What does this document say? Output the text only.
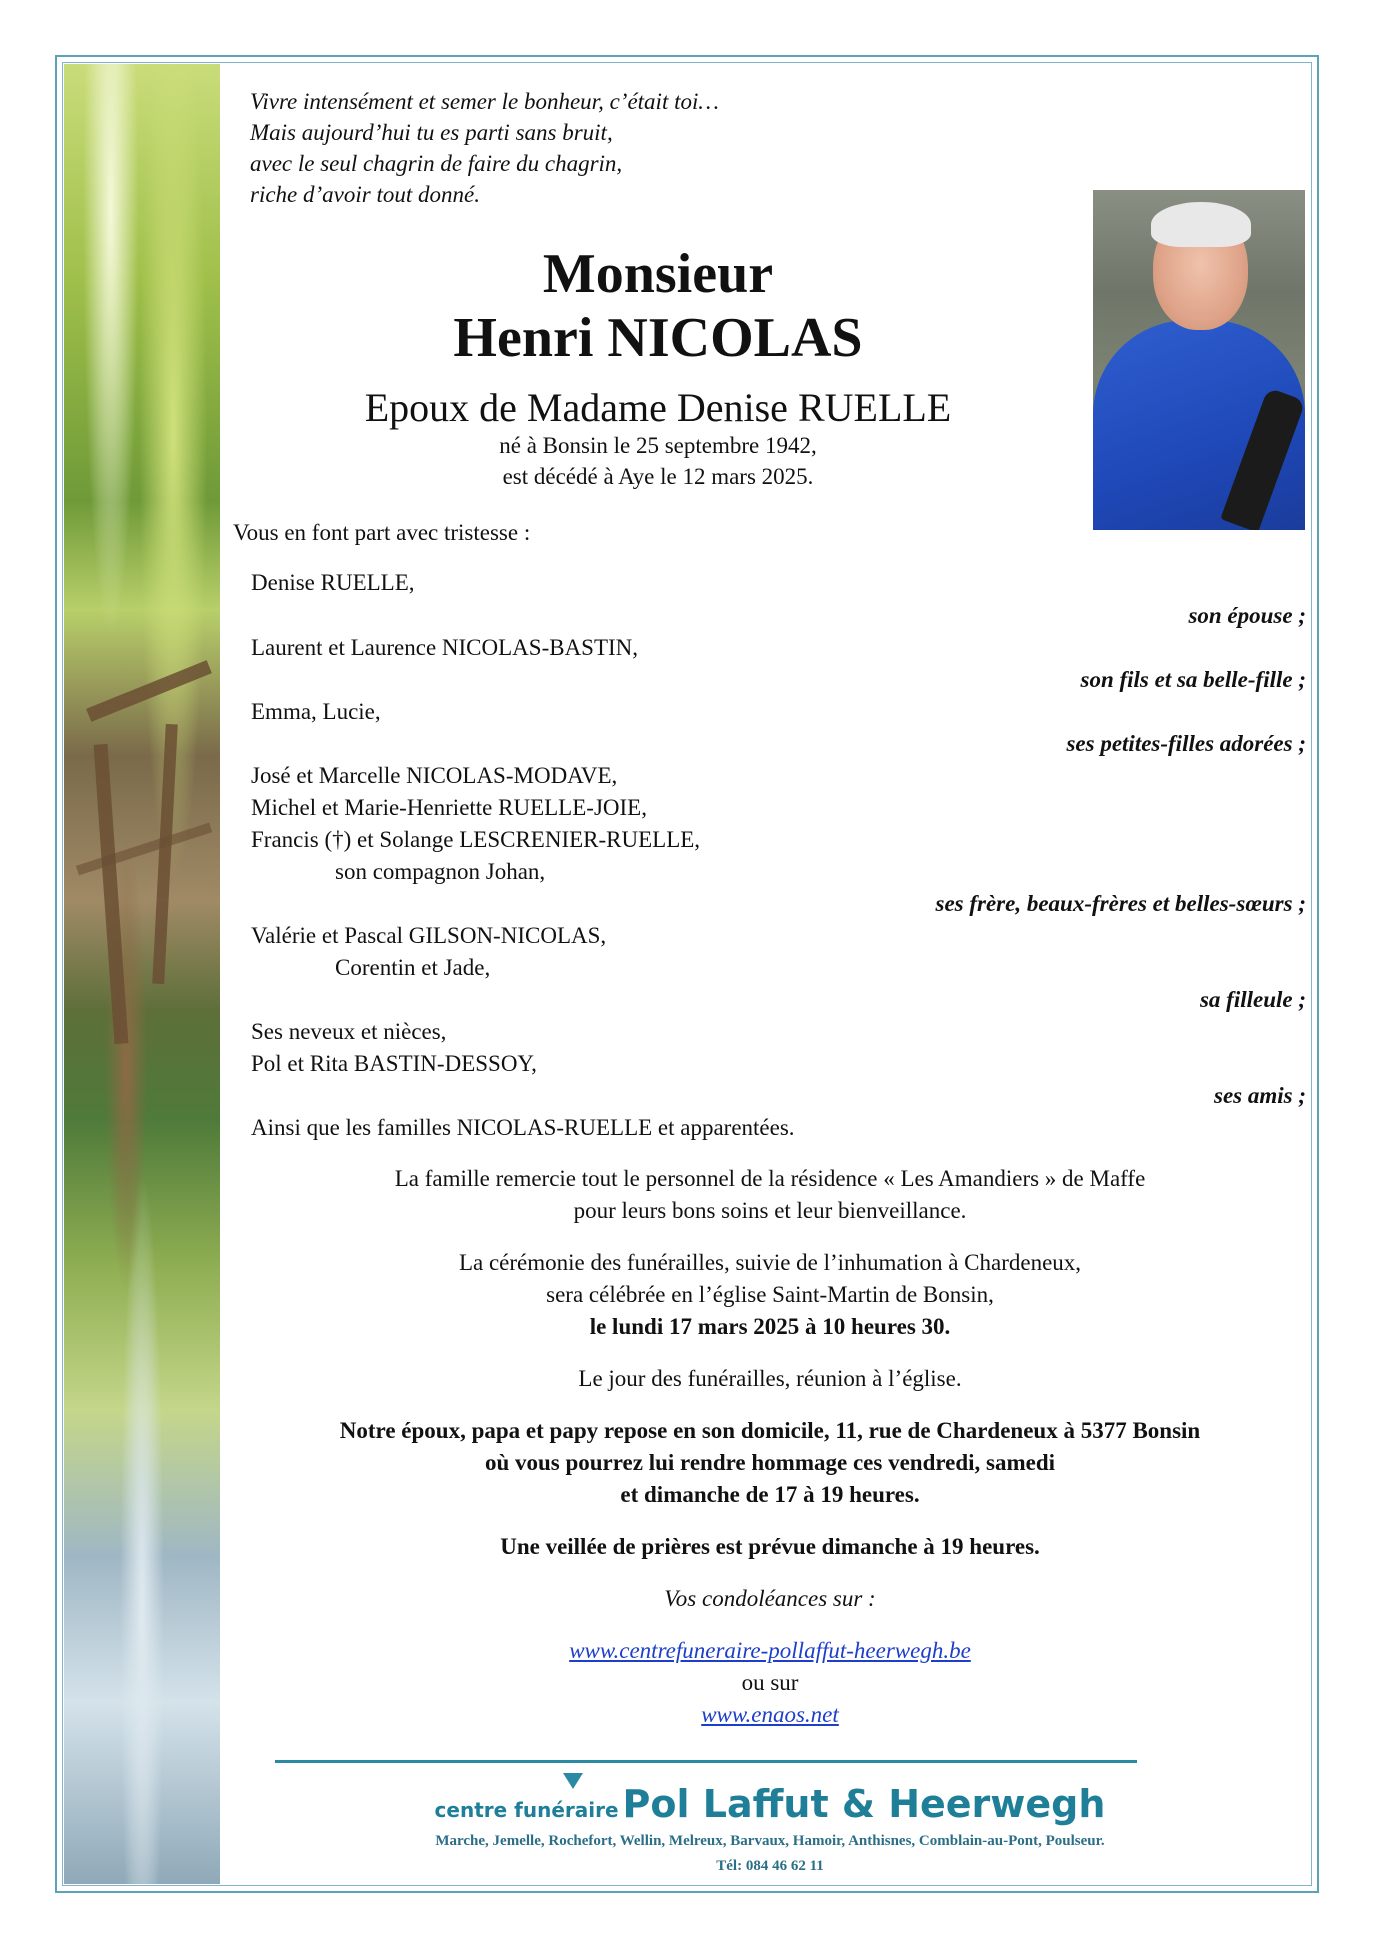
Vivre intensément et semer le bonheur, c’était toi…
Mais aujourd’hui tu es parti sans bruit,
avec le seul chagrin de faire du chagrin,
riche d’avoir tout donné.
Monsieur
Henri NICOLAS
Epoux de Madame Denise RUELLE
né à Bonsin le 25 septembre 1942,
est décédé à Aye le 12 mars 2025.
Vous en font part avec tristesse :
Denise RUELLE,
son épouse ;
Laurent et Laurence NICOLAS-BASTIN,
son fils et sa belle-fille ;
Emma, Lucie,
ses petites-filles adorées ;
José et Marcelle NICOLAS-MODAVE,
Michel et Marie-Henriette RUELLE-JOIE,
Francis (†) et Solange LESCRENIER-RUELLE,
son compagnon Johan,
ses frère, beaux-frères et belles-sœurs ;
Valérie et Pascal GILSON-NICOLAS,
Corentin et Jade,
sa filleule ;
Ses neveux et nièces,
Pol et Rita BASTIN-DESSOY,
ses amis ;
Ainsi que les familles NICOLAS-RUELLE et apparentées.
La famille remercie tout le personnel de la résidence « Les Amandiers » de Maffe
pour leurs bons soins et leur bienveillance.
La cérémonie des funérailles, suivie de l’inhumation à Chardeneux,
sera célébrée en l’église Saint-Martin de Bonsin,
le lundi 17 mars 2025 à 10 heures 30.
Le jour des funérailles, réunion à l’église.
Notre époux, papa et papy repose en son domicile, 11, rue de Chardeneux à 5377 Bonsin
où vous pourrez lui rendre hommage ces vendredi, samedi
et dimanche de 17 à 19 heures.
Une veillée de prières est prévue dimanche à 19 heures.
Vos condoléances sur :
www.centrefuneraire-pollaffut-heerwegh.be
ou sur
www.enaos.net
centre funéraire Pol Laffut & Heerwegh
Marche, Jemelle, Rochefort, Wellin, Melreux, Barvaux, Hamoir, Anthisnes, Comblain-au-Pont, Poulseur.
Tél: 084 46 62 11
